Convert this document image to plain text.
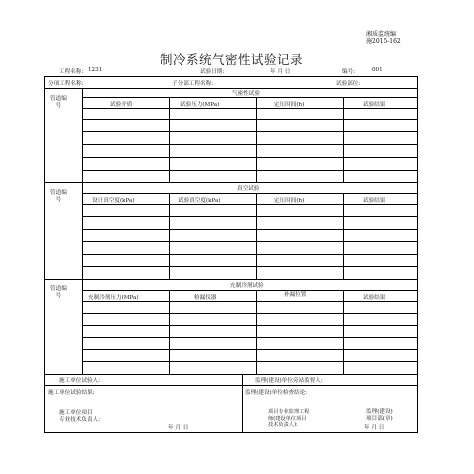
湘质监统编
施2015-162
制冷系统气密性试验记录
工程名称: 1231	试验日期:	年 月 日	编号:	001
分项工程名称:	子分部工程名称:	试验部位:
管道编
号
气密性试验
试验介质	试验压力(MPa)	定压时间(h)	试验结果
管道编
号
真空试验
设计真空度(kPa)	试验真空度(kPa)	定压时间(h)	试验结果
管道编
号
充制冷剂试验
充制冷剂压力(MPa)	检漏仪器	补漏位置	试验结果
施工单位试验人:	监理(建设)单位旁站监督人:
施工单位试验结果:	监理(建设)单位检查结论:
施工单位项目
专业技术负责人:
项目专业监理工程
师(建设单位项目
技术负责人):
监理(建设)
项目部(章)
年 月 日	年 月 日
